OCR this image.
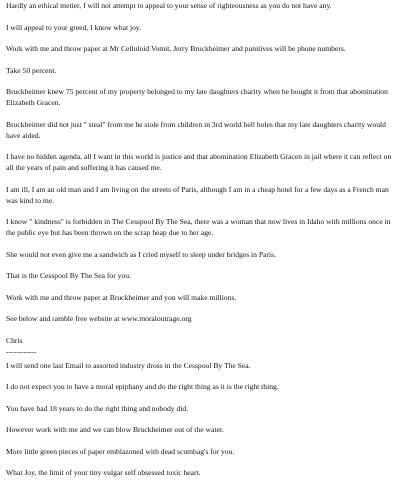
Hardly an ethical metier, I will not attempt to appeal to your sense of righteousness as you do not have any.

I will appeal to your greed, I know what joy.

Work with me and throw paper at Mr Celluloid Vomit, Jerry Bruckheimer and punitives will be phone numbers.

Take 50 percent.

Bruckheimer knew 75 percent of my property belonged to my late daughters charity when he bought it from that abomination Elizabeth Gracen.

Bruckheimer did not just " steal" from me he stole from children in 3rd world hell holes that my late daughters charity would have aided.

I have no hidden agenda, all I want in this world is justice and that abomination Elizabeth Gracen in jail where it can reflect on all the years of pain and suffering it has caused me.

I am ill, I am an old man and I am living on the streets of Paris, although I am in a cheap hotel for a few days as a French man was kind to me.

I know " kindness" is forbidden in The Cesspool By The Sea, there was a woman that now lives in Idaho with millions once in the public eye but has been thrown on the scrap heap due to her age.

She would not even give me a sandwich as I cried myself to sleep under bridges in Paris.

That is the Cesspool By The Sea for you.

Work with me and throw paper at Bruckheimer and you will make millions.

See below and ramble free website at www.moraloutrage.org

Chris

------------

I will send one last Email to assorted industry dross in the Cesspool By The Sea.

I do not expect you to have a moral epiphany and do the right thing as it is the right thing.

You have had 18 years to do the right thing and nobody did.

However work with me and we can blow Bruckheimer out of the water.

More little green pieces of paper emblazoned with dead scumbag's for you.

What Joy, the limit of your tiny vulgar self obsessed toxic heart.
